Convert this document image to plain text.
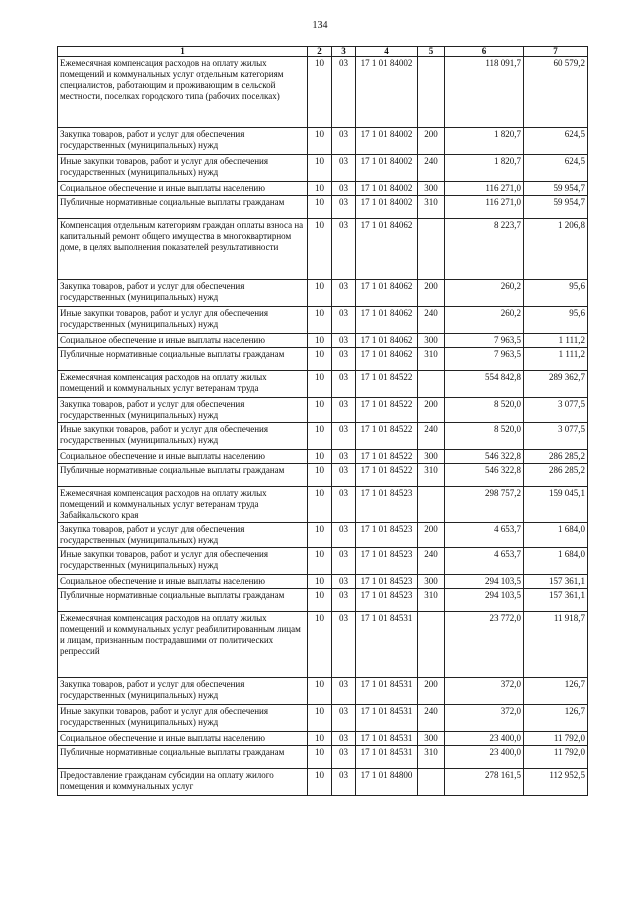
134
1	2	3	4	5	6	7
Ежемесячная компенсация расходов на оплату жилых помещений и коммунальных услуг отдельным категориям специалистов, работающим и проживающим в сельской местности, поселках городского типа (рабочих поселках)	10	03	17 1 01 84002		118 091,7	60 579,2
Закупка товаров, работ и услуг для обеспечения государственных (муниципальных) нужд	10	03	17 1 01 84002	200	1 820,7	624,5
Иные закупки товаров, работ и услуг для обеспечения государственных (муниципальных) нужд	10	03	17 1 01 84002	240	1 820,7	624,5
Социальное обеспечение и иные выплаты населению	10	03	17 1 01 84002	300	116 271,0	59 954,7
Публичные нормативные социальные выплаты гражданам	10	03	17 1 01 84002	310	116 271,0	59 954,7
Компенсация отдельным категориям граждан оплаты взноса на капитальный ремонт общего имущества в многоквартирном доме, в целях выполнения показателей результативности	10	03	17 1 01 84062		8 223,7	1 206,8
Закупка товаров, работ и услуг для обеспечения государственных (муниципальных) нужд	10	03	17 1 01 84062	200	260,2	95,6
Иные закупки товаров, работ и услуг для обеспечения государственных (муниципальных) нужд	10	03	17 1 01 84062	240	260,2	95,6
Социальное обеспечение и иные выплаты населению	10	03	17 1 01 84062	300	7 963,5	1 111,2
Публичные нормативные социальные выплаты гражданам	10	03	17 1 01 84062	310	7 963,5	1 111,2
Ежемесячная компенсация расходов на оплату жилых помещений и коммунальных услуг ветеранам труда	10	03	17 1 01 84522		554 842,8	289 362,7
Закупка товаров, работ и услуг для обеспечения государственных (муниципальных) нужд	10	03	17 1 01 84522	200	8 520,0	3 077,5
Иные закупки товаров, работ и услуг для обеспечения государственных (муниципальных) нужд	10	03	17 1 01 84522	240	8 520,0	3 077,5
Социальное обеспечение и иные выплаты населению	10	03	17 1 01 84522	300	546 322,8	286 285,2
Публичные нормативные социальные выплаты гражданам	10	03	17 1 01 84522	310	546 322,8	286 285,2
Ежемесячная компенсация расходов на оплату жилых помещений и коммунальных услуг ветеранам труда Забайкальского края	10	03	17 1 01 84523		298 757,2	159 045,1
Закупка товаров, работ и услуг для обеспечения государственных (муниципальных) нужд	10	03	17 1 01 84523	200	4 653,7	1 684,0
Иные закупки товаров, работ и услуг для обеспечения государственных (муниципальных) нужд	10	03	17 1 01 84523	240	4 653,7	1 684,0
Социальное обеспечение и иные выплаты населению	10	03	17 1 01 84523	300	294 103,5	157 361,1
Публичные нормативные социальные выплаты гражданам	10	03	17 1 01 84523	310	294 103,5	157 361,1
Ежемесячная компенсация расходов на оплату жилых помещений и коммунальных услуг реабилитированным лицам и лицам, признанным пострадавшими от политических репрессий	10	03	17 1 01 84531		23 772,0	11 918,7
Закупка товаров, работ и услуг для обеспечения государственных (муниципальных) нужд	10	03	17 1 01 84531	200	372,0	126,7
Иные закупки товаров, работ и услуг для обеспечения государственных (муниципальных) нужд	10	03	17 1 01 84531	240	372,0	126,7
Социальное обеспечение и иные выплаты населению	10	03	17 1 01 84531	300	23 400,0	11 792,0
Публичные нормативные социальные выплаты гражданам	10	03	17 1 01 84531	310	23 400,0	11 792,0
Предоставление гражданам субсидии на оплату жилого помещения и коммунальных услуг	10	03	17 1 01 84800		278 161,5	112 952,5
